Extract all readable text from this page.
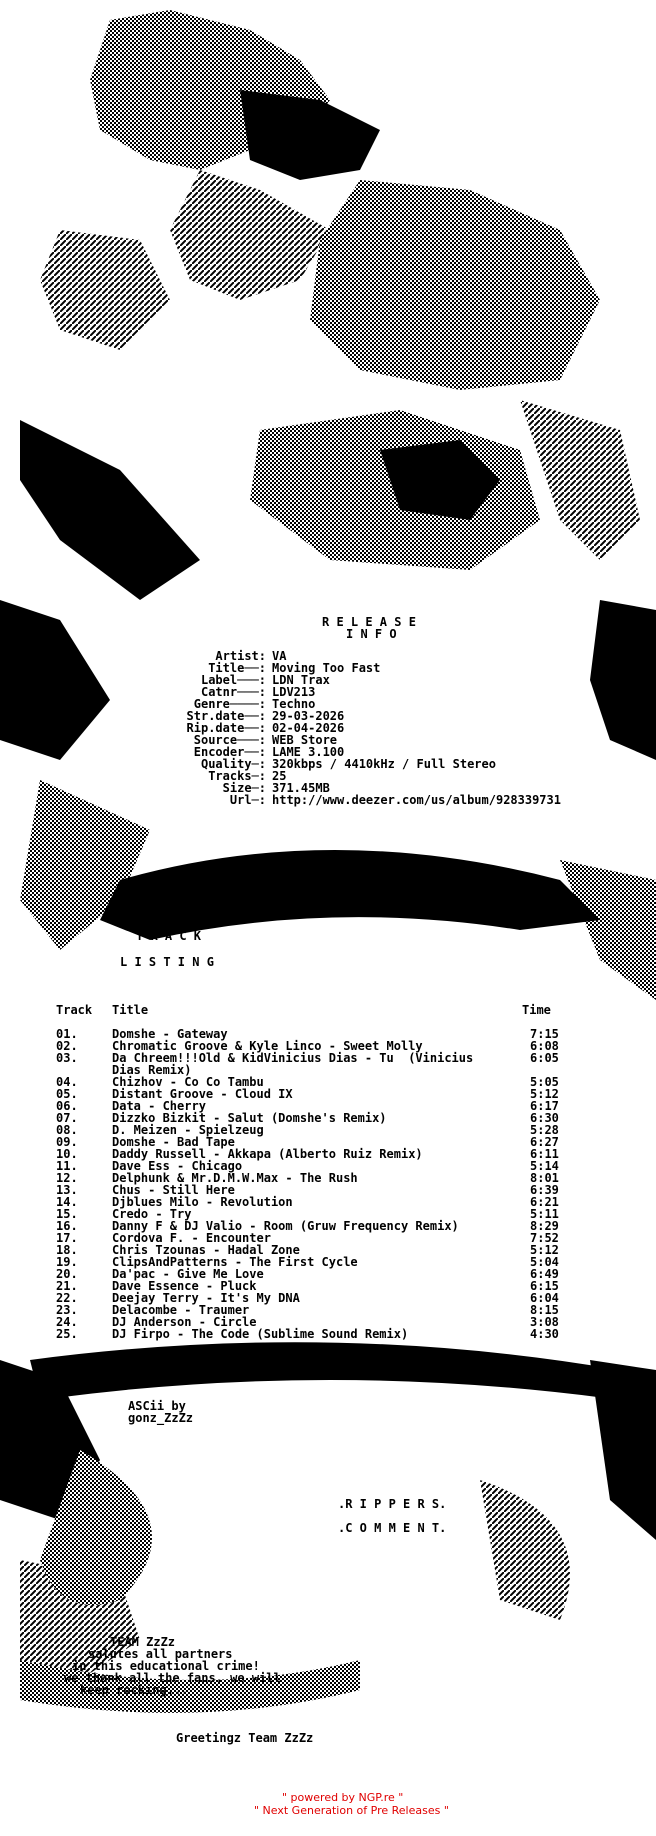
R E L E A S E
I N F O
Artist: VA
Title──: Moving Too Fast
Label───: LDN Trax
Catnr───: LDV213
Genre────: Techno
Str.date──: 29-03-2026
Rip.date──: 02-04-2026
Source───: WEB Store
Encoder──: LAME 3.100
Quality─: 320kbps / 4410kHz / Full Stereo
Tracks─: 25
Size─: 371.45MB
Url─: http://www.deezer.com/us/album/928339731
T R A C K
L I S T I N G
Track Title	Time
01.	Domshe - Gateway	7:15
02.	Chromatic Groove & Kyle Linco - Sweet Molly	6:08
03.	Da Chreem!!!Old & KidVinicius Dias - Tu  (Vinicius	6:05
Dias Remix)
04.	Chizhov - Co Co Tambu	5:05
05.	Distant Groove - Cloud IX	5:12
06.	Data - Cherry	6:17
07.	Dizzko Bizkit - Salut (Domshe's Remix)	6:30
08.	D. Meizen - Spielzeug	5:28
09.	Domshe - Bad Tape	6:27
10.	Daddy Russell - Akkapa (Alberto Ruiz Remix)	6:11
11.	Dave Ess - Chicago	5:14
12.	Delphunk & Mr.D.M.W.Max - The Rush	8:01
13.	Chus - Still Here	6:39
14.	Djblues Milo - Revolution	6:21
15.	Credo - Try	5:11
16.	Danny F & DJ Valio - Room (Gruw Frequency Remix)	8:29
17.	Cordova F. - Encounter	7:52
18.	Chris Tzounas - Hadal Zone	5:12
19.	ClipsAndPatterns - The First Cycle	5:04
20.	Da'pac - Give Me Love	6:49
21.	Dave Essence - Pluck	6:15
22.	Deejay Terry - It's My DNA	6:04
23.	Delacombe - Traumer	8:15
24.	DJ Anderson - Circle	3:08
25.	DJ Firpo - The Code (Sublime Sound Remix)	4:30
ASCii by
gonz_ZzZz
.R I P P E R S.
.C O M M E N T.
TEAM ZzZz
salutes all partners
in this educational crime!
we thank all the fans, we will
keep rocking...
Greetingz Team ZzZz
" powered by NGP.re "
" Next Generation of Pre Releases "
